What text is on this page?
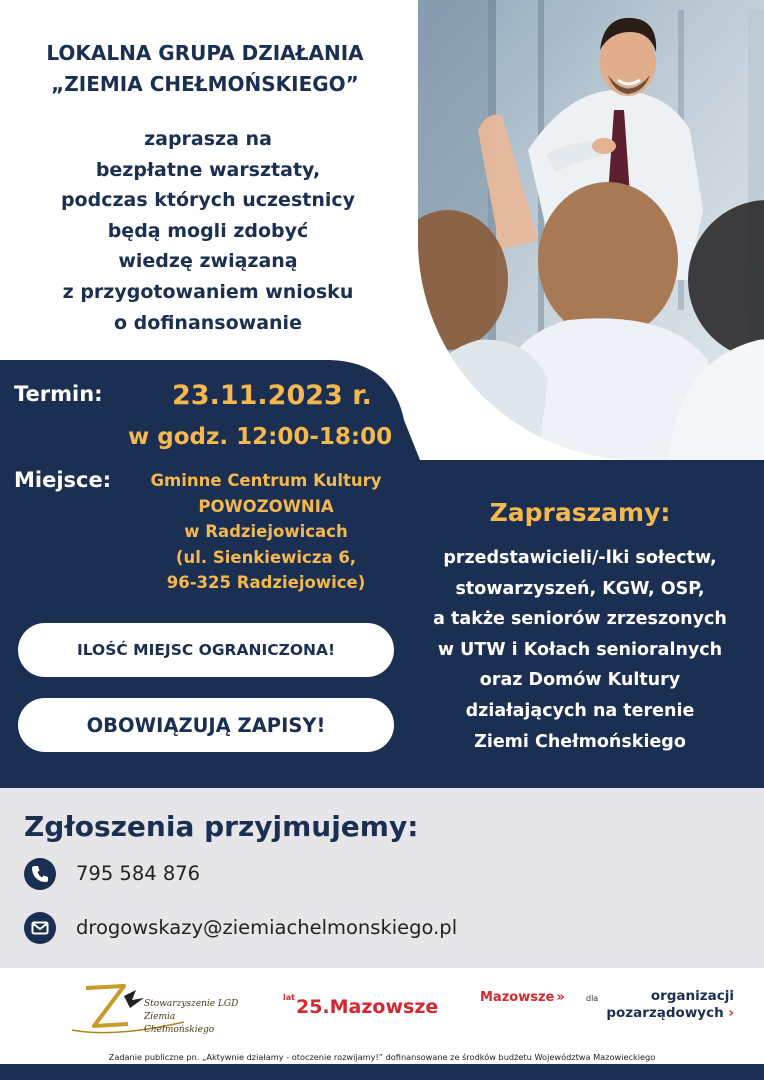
LOKALNA GRUPA DZIAŁANIA
„ZIEMIA CHEŁMOŃSKIEGO”
zaprasza na
bezpłatne warsztaty,
podczas których uczestnicy
będą mogli zdobyć
wiedzę związaną
z przygotowaniem wniosku
o dofinansowanie
Termin:	23.11.2023 r.
w godz. 12:00-18:00
Miejsce:	Gminne Centrum Kultury
POWOZOWNIA
w Radziejowicach
(ul. Sienkiewicza 6,
96-325 Radziejowice)
ILOŚĆ MIEJSC OGRANICZONA!
OBOWIĄZUJĄ ZAPISY!
Zapraszamy:
przedstawicieli/-lki sołectw,
stowarzyszeń, KGW, OSP,
a także seniorów zrzeszonych
w UTW i Kołach senioralnych
oraz Domów Kultury
działających na terenie
Ziemi Chełmońskiego
Zgłoszenia przyjmujemy:
795 584 876
drogowskazy@ziemiachelmonskiego.pl
Stowarzyszenie LGD
Ziemia Chełmońskiego
$^{lat}$25.Mazowsze	Mazowsze »	dla	organizacji
pozarządowych ›
Zadanie publiczne pn. „Aktywnie działamy - otoczenie rozwijamy!” dofinansowane ze środków budżetu Województwa Mazowieckiego
